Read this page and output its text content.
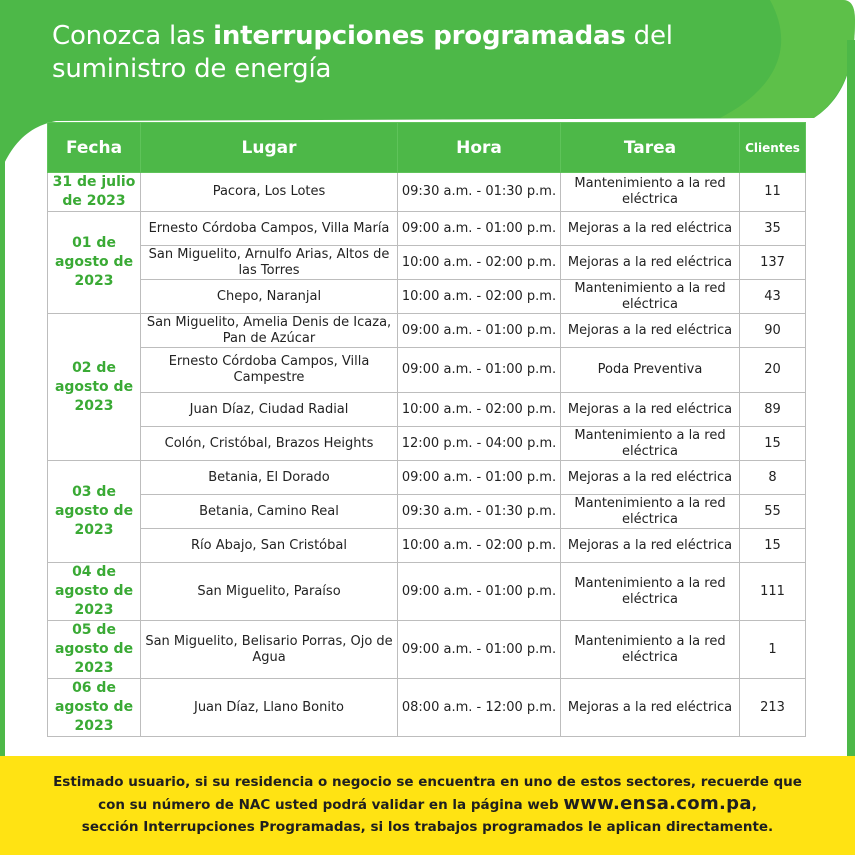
Conozca las interrupciones programadas del
suministro de energía
Fecha	Lugar	Hora	Tarea	Clientes
31 de julio de 2023	Pacora, Los Lotes	09:30 a.m. - 01:30 p.m.	Mantenimiento a la red eléctrica	11
01 de agosto de 2023	Ernesto Córdoba Campos, Villa María	09:00 a.m. - 01:00 p.m.	Mejoras a la red eléctrica	35
	San Miguelito, Arnulfo Arias, Altos de las Torres	10:00 a.m. - 02:00 p.m.	Mejoras a la red eléctrica	137
	Chepo, Naranjal	10:00 a.m. - 02:00 p.m.	Mantenimiento a la red eléctrica	43
02 de agosto de 2023	San Miguelito, Amelia Denis de Icaza, Pan de Azúcar	09:00 a.m. - 01:00 p.m.	Mejoras a la red eléctrica	90
	Ernesto Córdoba Campos, Villa Campestre	09:00 a.m. - 01:00 p.m.	Poda Preventiva	20
	Juan Díaz, Ciudad Radial	10:00 a.m. - 02:00 p.m.	Mejoras a la red eléctrica	89
	Colón, Cristóbal, Brazos Heights	12:00 p.m. - 04:00 p.m.	Mantenimiento a la red eléctrica	15
03 de agosto de 2023	Betania, El Dorado	09:00 a.m. - 01:00 p.m.	Mejoras a la red eléctrica	8
	Betania, Camino Real	09:30 a.m. - 01:30 p.m.	Mantenimiento a la red eléctrica	55
	Río Abajo, San Cristóbal	10:00 a.m. - 02:00 p.m.	Mejoras a la red eléctrica	15
04 de agosto de 2023	San Miguelito, Paraíso	09:00 a.m. - 01:00 p.m.	Mantenimiento a la red eléctrica	111
05 de agosto de 2023	San Miguelito, Belisario Porras, Ojo de Agua	09:00 a.m. - 01:00 p.m.	Mantenimiento a la red eléctrica	1
06 de agosto de 2023	Juan Díaz, Llano Bonito	08:00 a.m. - 12:00 p.m.	Mejoras a la red eléctrica	213

Estimado usuario, si su residencia o negocio se encuentra en uno de estos sectores, recuerde que
con su número de NAC usted podrá validar en la página web www.ensa.com.pa,
sección Interrupciones Programadas, si los trabajos programados le aplican directamente.
